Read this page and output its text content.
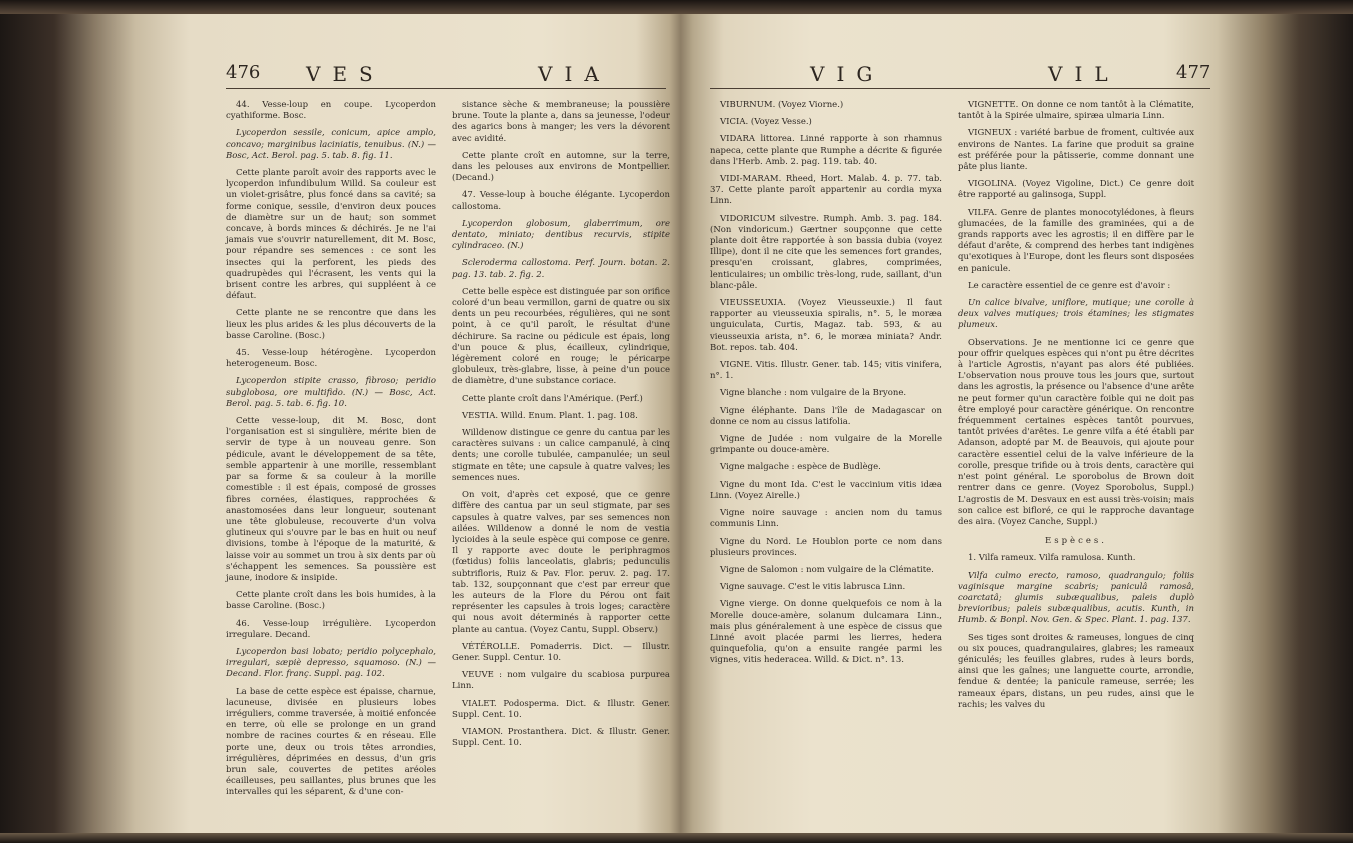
476 VES	VIA

44. Vesse-loup en coupe. Lycoperdon cyathiforme. Bosc.

Lycoperdon sessile, conicum, apice amplo, concavo; marginibus laciniatis, tenuibus. (N.) — Bosc, Act. Berol. pag. 5. tab. 8. fig. 11.

Cette plante paroît avoir des rapports avec le lycoperdon infundibulum Willd. Sa couleur est un violet-grisâtre, plus foncé dans sa cavité; sa forme conique, sessile, d'environ deux pouces de diamètre sur un de haut; son sommet concave, à bords minces & déchirés. Je ne l'ai jamais vue s'ouvrir naturellement, dit M. Bosc, pour répandre ses semences : ce sont les insectes qui la perforent, les pieds des quadrupèdes qui l'écrasent, les vents qui la brisent contre les arbres, qui suppléent à ce défaut.

Cette plante ne se rencontre que dans les lieux les plus arides & les plus découverts de la basse Caroline. (Bosc.)

45. Vesse-loup hétérogène. Lycoperdon heterogeneum. Bosc.

Lycoperdon stipite crasso, fibroso; peridio subglobosa, ore multifido. (N.) — Bosc, Act. Berol. pag. 5. tab. 6. fig. 10.

Cette vesse-loup, dit M. Bosc, dont l'organisation est si singulière, mérite bien de servir de type à un nouveau genre. Son pédicule, avant le développement de sa tête, semble appartenir à une morille, ressemblant par sa forme & sa couleur à la morille comestible : il est épais, composé de grosses fibres cornées, élastiques, rapprochées & anastomosées dans leur longueur, soutenant une tête globuleuse, recouverte d'un volva glutineux qui s'ouvre par le bas en huit ou neuf divisions, tombe à l'époque de la maturité, & laisse voir au sommet un trou à six dents par où s'échappent les semences. Sa poussière est jaune, inodore & insipide.

Cette plante croît dans les bois humides, à la basse Caroline. (Bosc.)

46. Vesse-loup irrégulière. Lycoperdon irregulare. Decand.

Lycoperdon basi lobato; peridio polycephalo, irregulari, sæpiè depresso, squamoso. (N.) — Decand. Flor. franç. Suppl. pag. 102.

La base de cette espèce est épaisse, charnue, lacuneuse, divisée en plusieurs lobes irréguliers, comme traversée, à moitié enfoncée en terre, où elle se prolonge en un grand nombre de racines courtes & en réseau. Elle porte une, deux ou trois têtes arrondies, irrégulières, déprimées en dessus, d'un gris brun sale, couvertes de petites aréoles écailleuses, peu saillantes, plus brunes que les intervalles qui les séparent, & d'une con-

sistance sèche & membraneuse; la poussière brune. Toute la plante a, dans sa jeunesse, l'odeur des agarics bons à manger; les vers la dévorent avec avidité.

Cette plante croît en automne, sur la terre, dans les pelouses aux environs de Montpellier. (Decand.)

47. Vesse-loup à bouche élégante. Lycoperdon callostoma.

Lycoperdon globosum, glaberrimum, ore dentato, miniato; dentibus recurvis, stipite cylindraceo. (N.)

Scleroderma callostoma. Perf. Journ. botan. 2. pag. 13. tab. 2. fig. 2.

Cette belle espèce est distinguée par son orifice coloré d'un beau vermillon, garni de quatre ou six dents un peu recourbées, régulières, qui ne sont point, à ce qu'il paroît, le résultat d'une déchirure. Sa racine ou pédicule est épais, long d'un pouce & plus, écailleux, cylindrique, légèrement coloré en rouge; le péricarpe globuleux, très-glabre, lisse, à peine d'un pouce de diamètre, d'une substance coriace.

Cette plante croît dans l'Amérique. (Perf.)

VESTIA. Willd. Enum. Plant. 1. pag. 108.

Willdenow distingue ce genre du cantua par les caractères suivans : un calice campanulé, à cinq dents; une corolle tubulée, campanulée; un seul stigmate en tête; une capsule à quatre valves; les semences nues.

On voit, d'après cet exposé, que ce genre diffère des cantua par un seul stigmate, par ses capsules à quatre valves, par ses semences non ailées. Willdenow a donné le nom de vestia lycioides à la seule espèce qui compose ce genre. Il y rapporte avec doute le periphragmos (fœtidus) foliis lanceolatis, glabris; pedunculis subtrifloris, Ruiz & Pav. Flor. peruv. 2. pag. 17. tab. 132, soupçonnant que c'est par erreur que les auteurs de la Flore du Pérou ont fait représenter les capsules à trois loges; caractère qui nous avoit déterminés à rapporter cette plante au cantua. (Voyez Cantu, Suppl. Observ.)

VÉTÉROLLE. Pomaderris. Dict. — Illustr. Gener. Suppl. Centur. 10.

VEUVE : nom vulgaire du scabiosa purpurea Linn.

VIALET. Podosperma. Dict. & Illustr. Gener. Suppl. Cent. 10.

VIAMON. Prostanthera. Dict. & Illustr. Gener. Suppl. Cent. 10.

VIG	VIL	477

VIBURNUM. (Voyez Viorne.)

VICIA. (Voyez Vesse.)

VIDARA littorea. Linné rapporte à son rhamnus napeca, cette plante que Rumphe a décrite & figurée dans l'Herb. Amb. 2. pag. 119. tab. 40.

VIDI-MARAM. Rheed, Hort. Malab. 4. p. 77. tab. 37. Cette plante paroît appartenir au cordia myxa Linn.

VIDORICUM silvestre. Rumph. Amb. 3. pag. 184. (Non vindoricum.) Gærtner soupçonne que cette plante doit être rapportée à son bassia dubia (voyez Illipe), dont il ne cite que les semences fort grandes, presqu'en croissant, glabres, comprimées, lenticulaires; un ombilic très-long, rude, saillant, d'un blanc-pâle.

VIEUSSEUXIA. (Voyez Vieusseuxie.) Il faut rapporter au vieusseuxia spiralis, n°. 5, le moræa unguiculata, Curtis, Magaz. tab. 593, & au vieusseuxia arista, n°. 6, le moræa miniata? Andr. Bot. repos. tab. 404.

VIGNE. Vitis. Illustr. Gener. tab. 145; vitis vinifera, n°. 1.

Vigne blanche : nom vulgaire de la Bryone.

Vigne éléphante. Dans l'île de Madagascar on donne ce nom au cissus latifolia.

Vigne de Judée : nom vulgaire de la Morelle grimpante ou douce-amère.

Vigne malgache : espèce de Budlège.

Vigne du mont Ida. C'est le vaccinium vitis idæa Linn. (Voyez Airelle.)

Vigne noire sauvage : ancien nom du tamus communis Linn.

Vigne du Nord. Le Houblon porte ce nom dans plusieurs provinces.

Vigne de Salomon : nom vulgaire de la Clématite.

Vigne sauvage. C'est le vitis labrusca Linn.

Vigne vierge. On donne quelquefois ce nom à la Morelle douce-amère, solanum dulcamara Linn., mais plus généralement à une espèce de cissus que Linné avoit placée parmi les lierres, hedera quinquefolia, qu'on a ensuite rangée parmi les vignes, vitis hederacea. Willd. & Dict. n°. 13.

VIGNETTE. On donne ce nom tantôt à la Clématite, tantôt à la Spirée ulmaire, spiræa ulmaria Linn.

VIGNEUX : variété barbue de froment, cultivée aux environs de Nantes. La farine que produit sa graine est préférée pour la pâtisserie, comme donnant une pâte plus liante.

VIGOLINA. (Voyez Vigoline, Dict.) Ce genre doit être rapporté au galinsoga, Suppl.

VILFA. Genre de plantes monocotylédones, à fleurs glumacées, de la famille des graminées, qui a de grands rapports avec les agrostis; il en diffère par le défaut d'arête, & comprend des herbes tant indigènes qu'exotiques à l'Europe, dont les fleurs sont disposées en panicule.

Le caractère essentiel de ce genre est d'avoir :

Un calice bivalve, uniflore, mutique; une corolle à deux valves mutiques; trois étamines; les stigmates plumeux.

Observations. Je ne mentionne ici ce genre que pour offrir quelques espèces qui n'ont pu être décrites à l'article Agrostis, n'ayant pas alors été publiées. L'observation nous prouve tous les jours que, surtout dans les agrostis, la présence ou l'absence d'une arête ne peut former qu'un caractère foible qui ne doit pas être employé pour caractère générique. On rencontre fréquemment certaines espèces tantôt pourvues, tantôt privées d'arêtes. Le genre vilfa a été établi par Adanson, adopté par M. de Beauvois, qui ajoute pour caractère essentiel celui de la valve inférieure de la corolle, presque trifide ou à trois dents, caractère qui n'est point général. Le sporobolus de Brown doit rentrer dans ce genre. (Voyez Sporobolus, Suppl.) L'agrostis de M. Desvaux en est aussi très-voisin; mais son calice est bifloré, ce qui le rapproche davantage des aira. (Voyez Canche, Suppl.)

Espèces.

1. Vilfa rameux. Vilfa ramulosa. Kunth.

Vilfa culmo erecto, ramoso, quadrangulo; foliis vaginisque margine scabris; paniculâ ramosâ, coarctatâ; glumis subæqualibus, paleis duplò brevioribus; paleis subæqualibus, acutis. Kunth, in Humb. & Bonpl. Nov. Gen. & Spec. Plant. 1. pag. 137.

Ses tiges sont droites & rameuses, longues de cinq ou six pouces, quadrangulaires, glabres; les rameaux géniculés; les feuilles glabres, rudes à leurs bords, ainsi que les gaînes; une languette courte, arrondie, fendue & dentée; la panicule rameuse, serrée; les rameaux épars, distans, un peu rudes, ainsi que le rachis; les valves du
